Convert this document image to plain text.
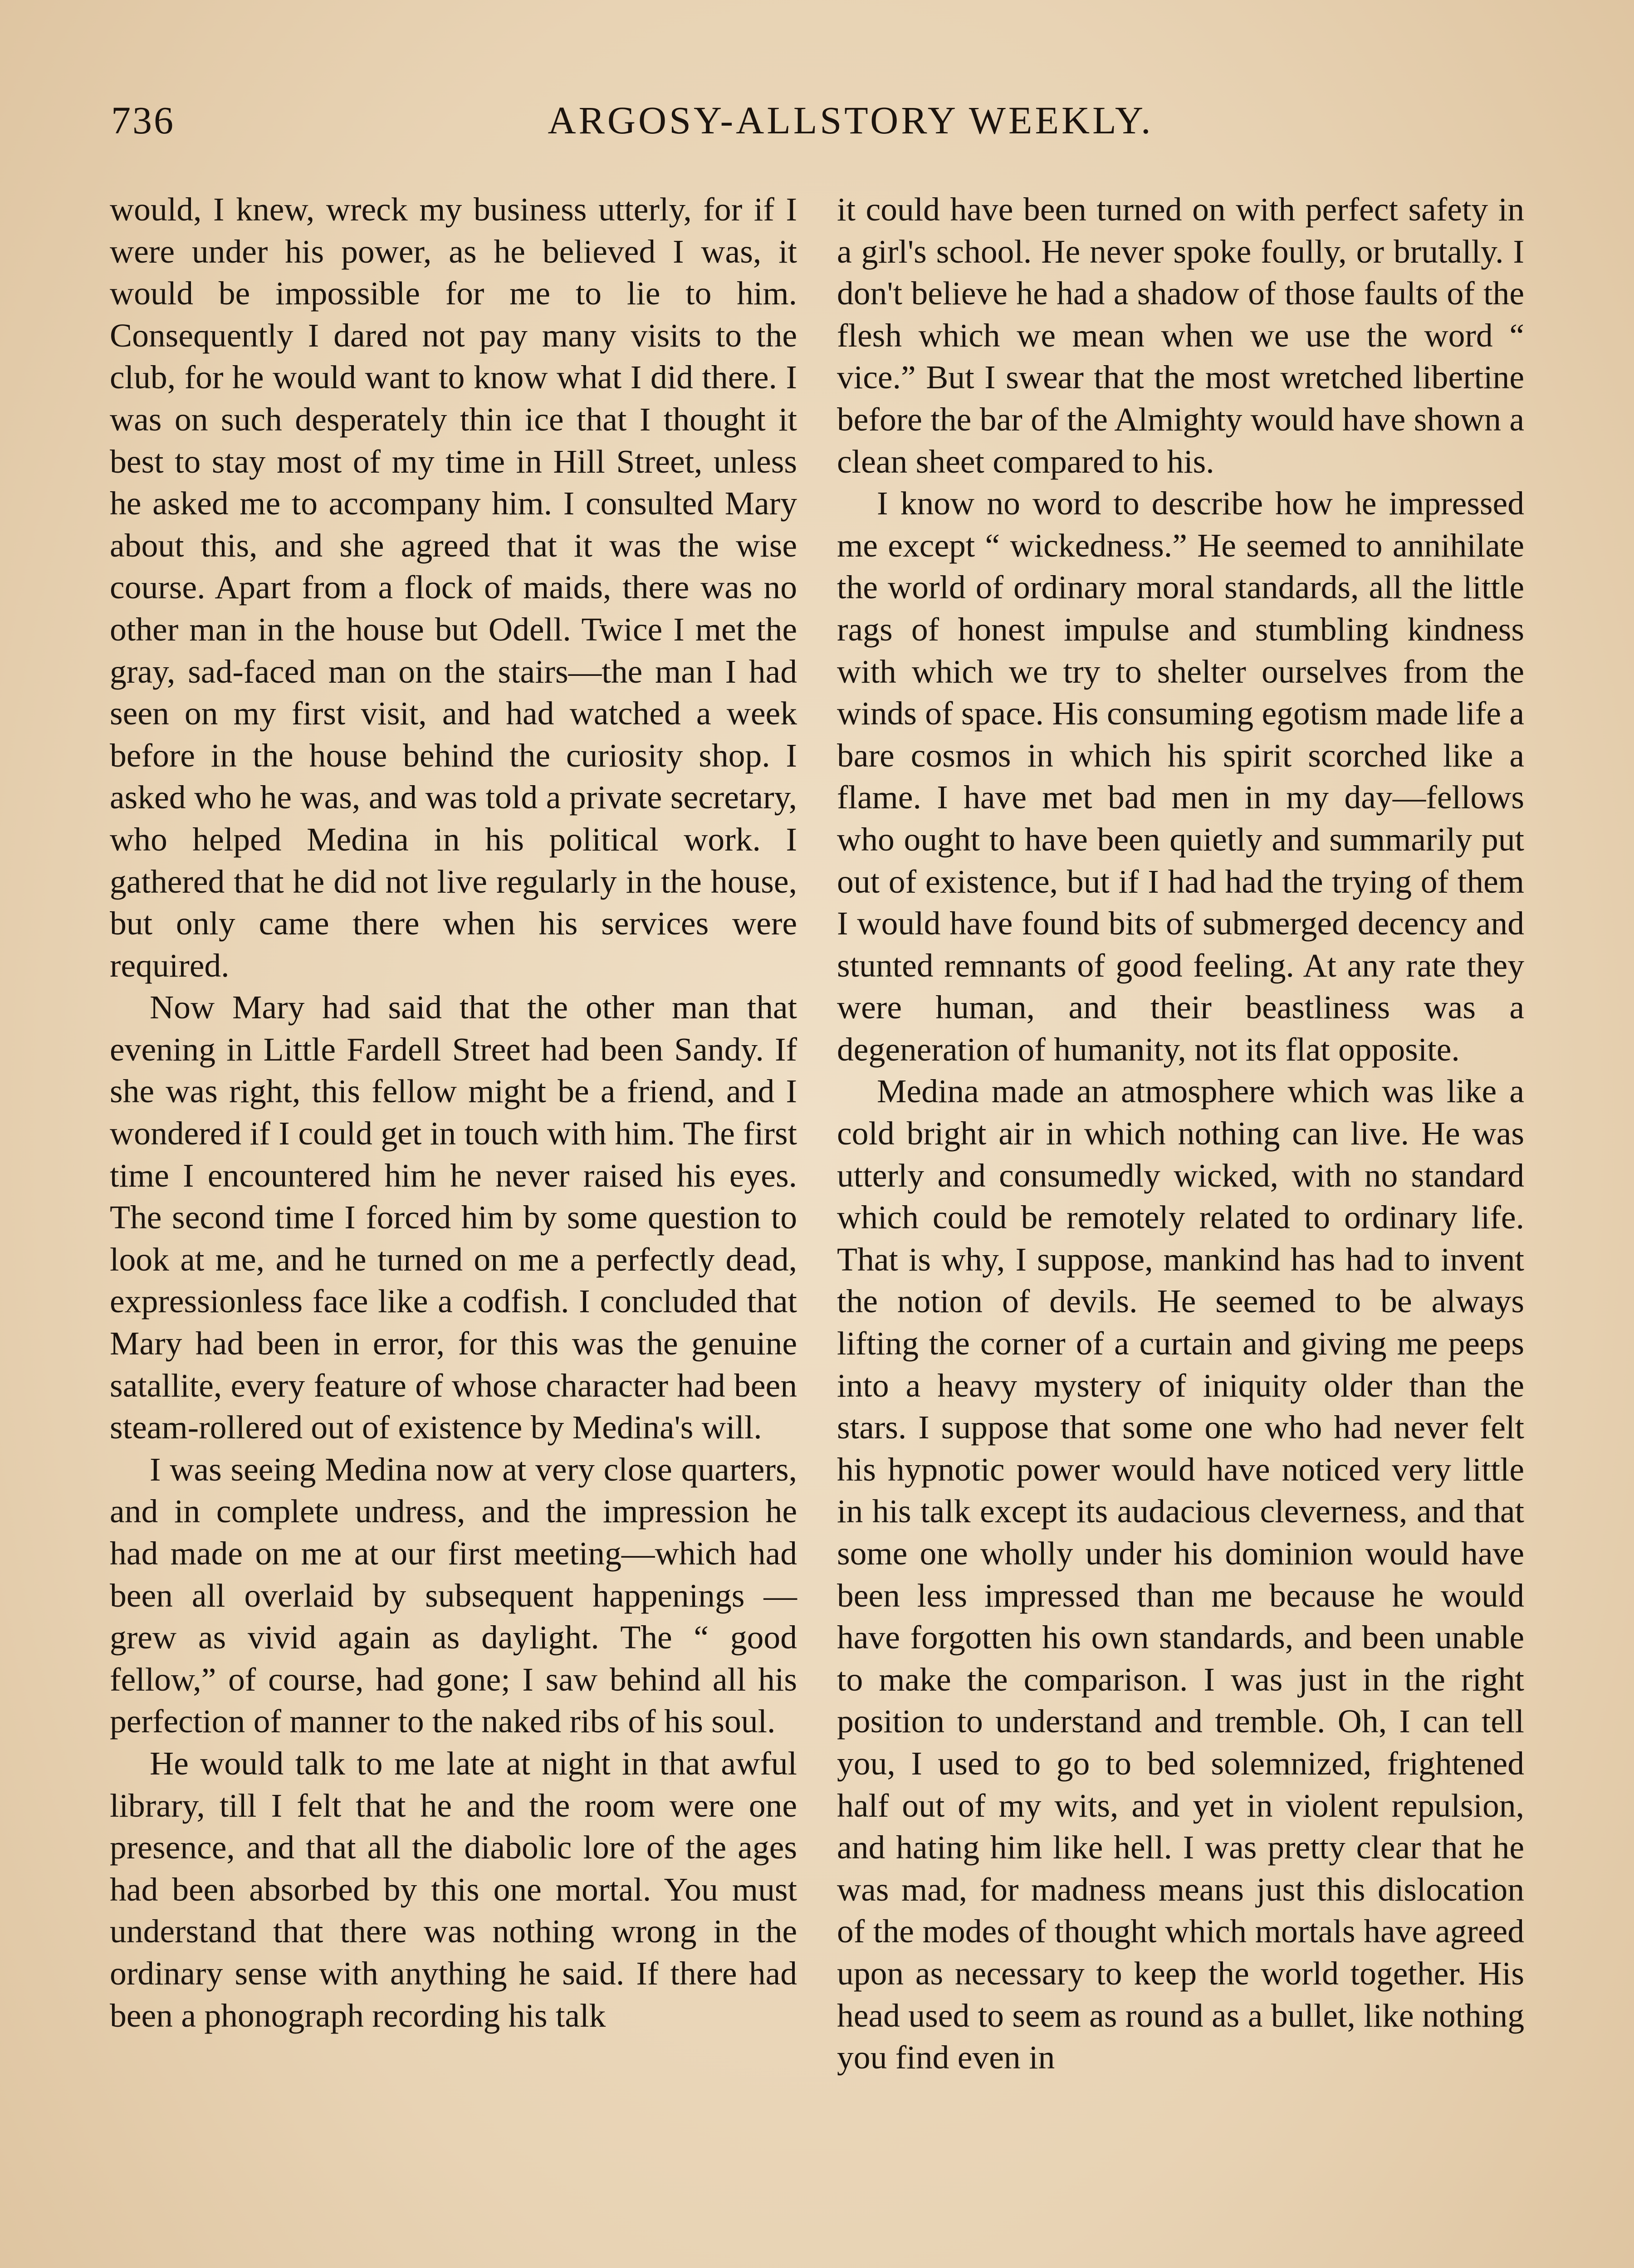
736	ARGOSY-ALLSTORY WEEKLY.

would, I knew, wreck my business utterly, for if I were under his power, as he believed I was, it would be impossible for me to lie to him. Consequently I dared not pay many visits to the club, for he would want to know what I did there. I was on such desperately thin ice that I thought it best to stay most of my time in Hill Street, unless he asked me to accompany him. I consulted Mary about this, and she agreed that it was the wise course. Apart from a flock of maids, there was no other man in the house but Odell. Twice I met the gray, sad-faced man on the stairs—the man I had seen on my first visit, and had watched a week before in the house behind the curiosity shop. I asked who he was, and was told a private secretary, who helped Medina in his political work. I gathered that he did not live regularly in the house, but only came there when his services were required.

Now Mary had said that the other man that evening in Little Fardell Street had been Sandy. If she was right, this fellow might be a friend, and I wondered if I could get in touch with him. The first time I encountered him he never raised his eyes. The second time I forced him by some question to look at me, and he turned on me a perfectly dead, expressionless face like a codfish. I concluded that Mary had been in error, for this was the genuine satallite, every feature of whose character had been steam-rollered out of existence by Medina's will.

I was seeing Medina now at very close quarters, and in complete undress, and the impression he had made on me at our first meeting—which had been all overlaid by subsequent happenings — grew as vivid again as daylight. The “ good fellow,” of course, had gone; I saw behind all his perfection of manner to the naked ribs of his soul.

He would talk to me late at night in that awful library, till I felt that he and the room were one presence, and that all the diabolic lore of the ages had been absorbed by this one mortal. You must understand that there was nothing wrong in the ordinary sense with anything he said. If there had been a phonograph recording his talk

it could have been turned on with perfect safety in a girl's school. He never spoke foully, or brutally. I don't believe he had a shadow of those faults of the flesh which we mean when we use the word “ vice.” But I swear that the most wretched libertine before the bar of the Almighty would have shown a clean sheet compared to his.

I know no word to describe how he impressed me except “ wickedness.” He seemed to annihilate the world of ordinary moral standards, all the little rags of honest impulse and stumbling kindness with which we try to shelter ourselves from the winds of space. His consuming egotism made life a bare cosmos in which his spirit scorched like a flame. I have met bad men in my day—fellows who ought to have been quietly and summarily put out of existence, but if I had had the trying of them I would have found bits of submerged decency and stunted remnants of good feeling. At any rate they were human, and their beastliness was a degeneration of humanity, not its flat opposite.

Medina made an atmosphere which was like a cold bright air in which nothing can live. He was utterly and consumedly wicked, with no standard which could be remotely related to ordinary life. That is why, I suppose, mankind has had to invent the notion of devils. He seemed to be always lifting the corner of a curtain and giving me peeps into a heavy mystery of iniquity older than the stars. I suppose that some one who had never felt his hypnotic power would have noticed very little in his talk except its audacious cleverness, and that some one wholly under his dominion would have been less impressed than me because he would have forgotten his own standards, and been unable to make the comparison. I was just in the right position to understand and tremble. Oh, I can tell you, I used to go to bed solemnized, frightened half out of my wits, and yet in violent repulsion, and hating him like hell. I was pretty clear that he was mad, for madness means just this dislocation of the modes of thought which mortals have agreed upon as necessary to keep the world together. His head used to seem as round as a bullet, like nothing you find even in
